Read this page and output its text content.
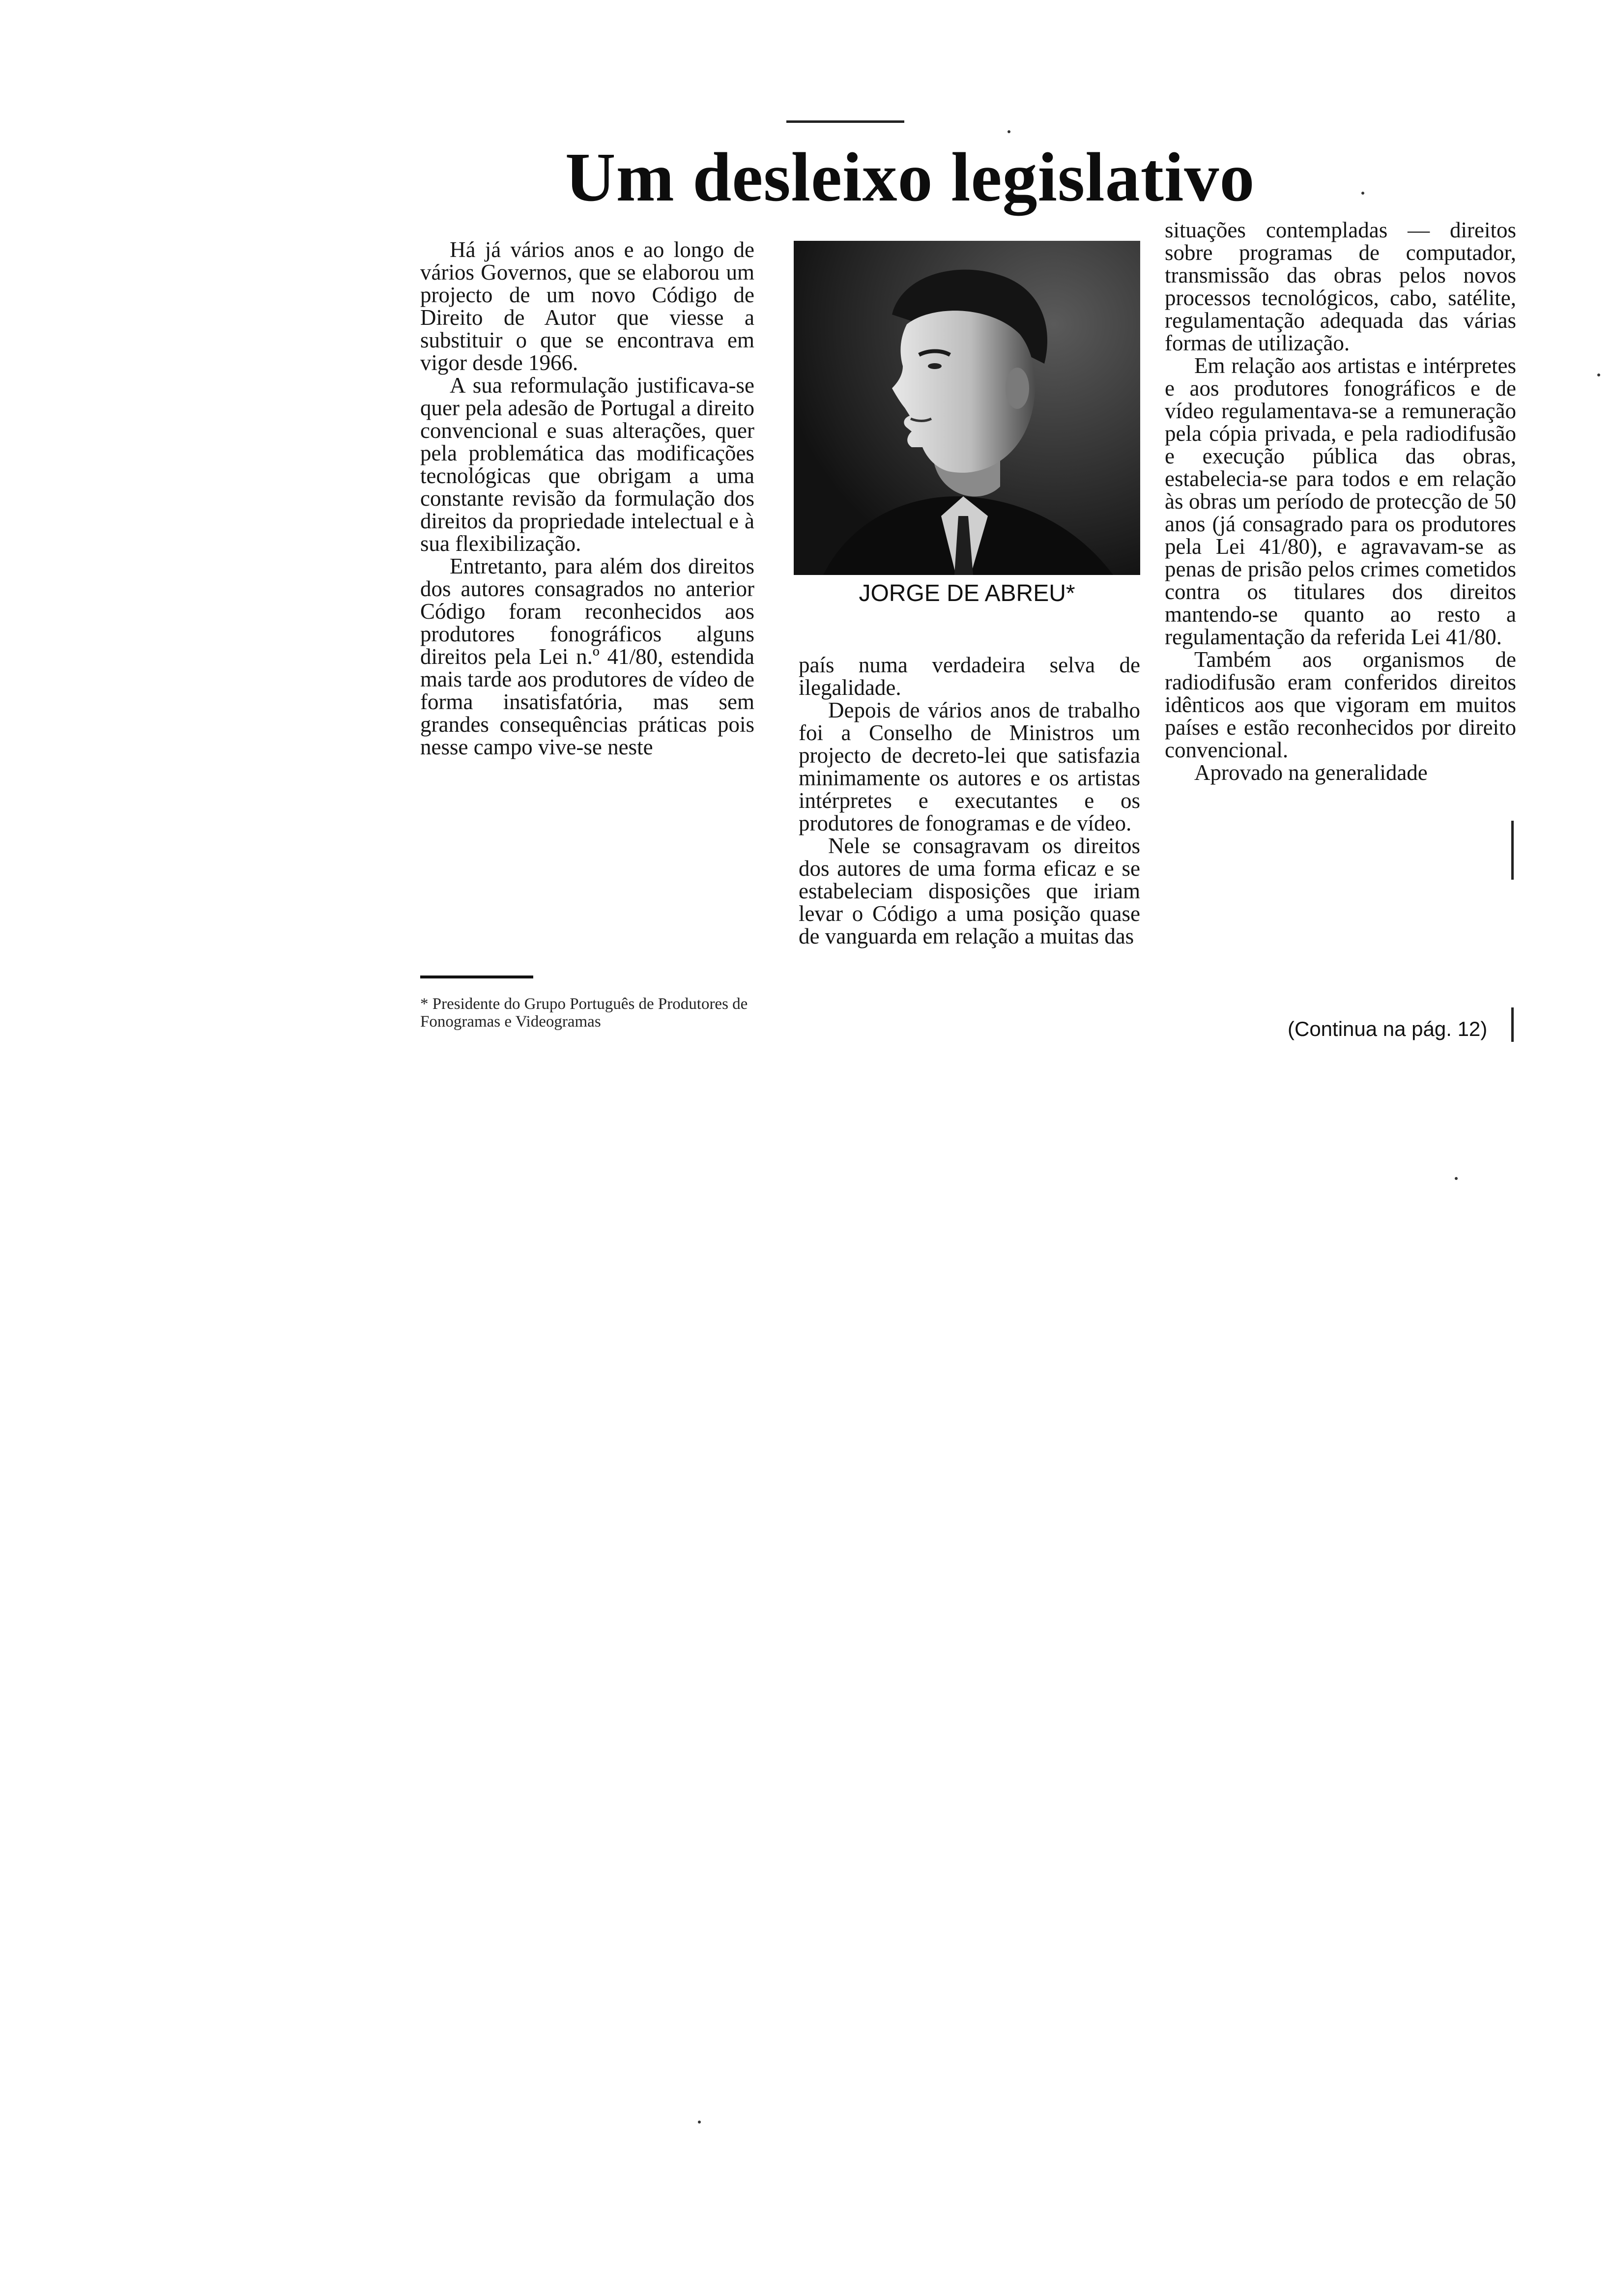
Um desleixo legislativo

Há já vários anos e ao longo de vários Governos, que se elaborou um projecto de um novo Código de Direito de Autor que viesse a substituir o que se encontrava em vigor desde 1966.

A sua reformulação justificava-se quer pela adesão de Portugal a direito convencional e suas alterações, quer pela problemática das modificações tecnológicas que obrigam a uma constante revisão da formulação dos direitos da propriedade intelectual e à sua flexibilização.

Entretanto, para além dos direitos dos autores consagrados no anterior Código foram reconhecidos aos produtores fonográficos alguns direitos pela Lei n.º 41/80, estendida mais tarde aos produtores de vídeo de forma insatisfatória, mas sem grandes consequências práticas pois nesse campo vive-se neste

JORGE DE ABREU*

país numa verdadeira selva de ilegalidade.

Depois de vários anos de trabalho foi a Conselho de Ministros um projecto de decreto-lei que satisfazia minimamente os autores e os artistas intérpretes e executantes e os produtores de fonogramas e de vídeo.

Nele se consagravam os direitos dos autores de uma forma eficaz e se estabeleciam disposições que iriam levar o Código a uma posição quase de vanguarda em relação a muitas das

situações contempladas — direitos sobre programas de computador, transmissão das obras pelos novos processos tecnológicos, cabo, satélite, regulamentação adequada das várias formas de utilização.

Em relação aos artistas e intérpretes e aos produtores fonográficos e de vídeo regulamentava-se a remuneração pela cópia privada, e pela radiodifusão e execução pública das obras, estabelecia-se para todos e em relação às obras um período de protecção de 50 anos (já consagrado para os produtores pela Lei 41/80), e agravavam-se as penas de prisão pelos crimes cometidos contra os titulares dos direitos mantendo-se quanto ao resto a regulamentação da referida Lei 41/80.

Também aos organismos de radiodifusão eram conferidos direitos idênticos aos que vigoram em muitos países e estão reconhecidos por direito convencional.

Aprovado na generalidade

* Presidente do Grupo Português de Produtores de Fonogramas e Videogramas	(Continua na pág. 12)
